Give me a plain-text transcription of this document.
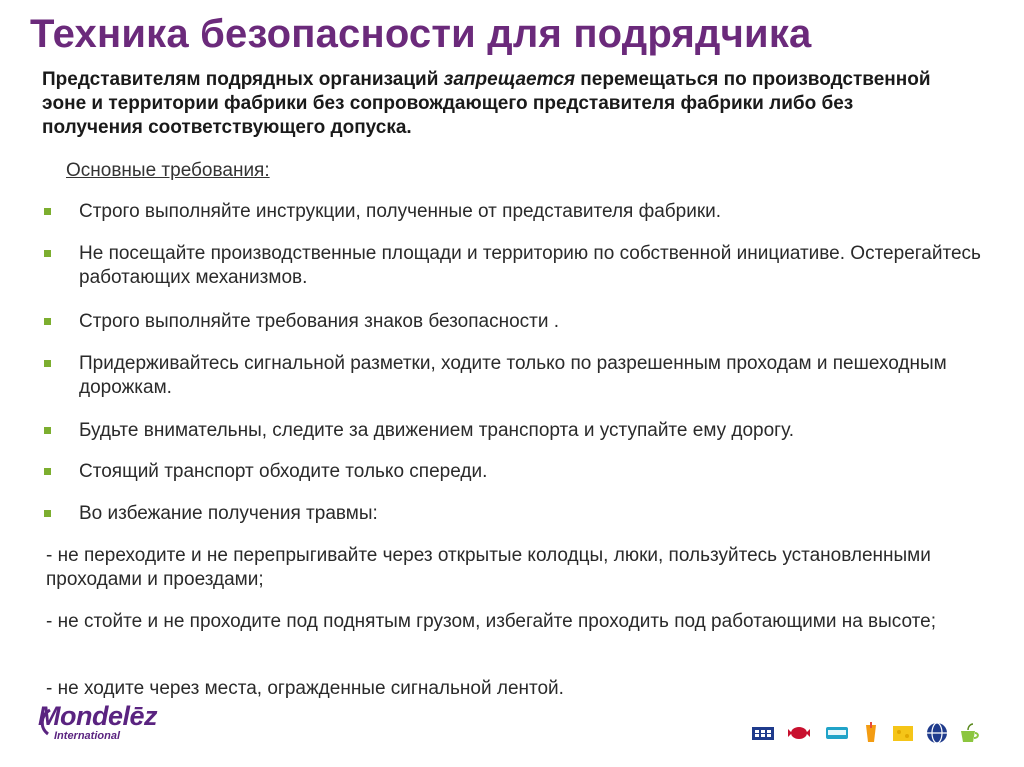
Техника безопасности для подрядчика
Представителям подрядных организаций запрещается перемещаться по производственной эоне и территории фабрики без сопровождающего представителя фабрики либо без получения соответствующего допуска.
Основные требования:
Строго выполняйте инструкции, полученные от представителя фабрики.
Не посещайте производственные площади и территорию по собственной инициативе. Остерегайтесь работающих механизмов.
Строго выполняйте требования знаков безопасности .
Придерживайтесь сигнальной разметки, ходите только по разрешенным проходам и пешеходным дорожкам.
Будьте внимательны, следите за движением транспорта и уступайте ему дорогу.
Стоящий транспорт обходите только спереди.
Во избежание получения травмы:
- не переходите и не перепрыгивайте через открытые колодцы, люки, пользуйтесь установленными проходами и проездами;
- не стойте и не проходите под поднятым грузом, избегайте проходить под работающими на высоте;
- не ходите через места, огражденные сигнальной лентой.
Mondelēz
International
